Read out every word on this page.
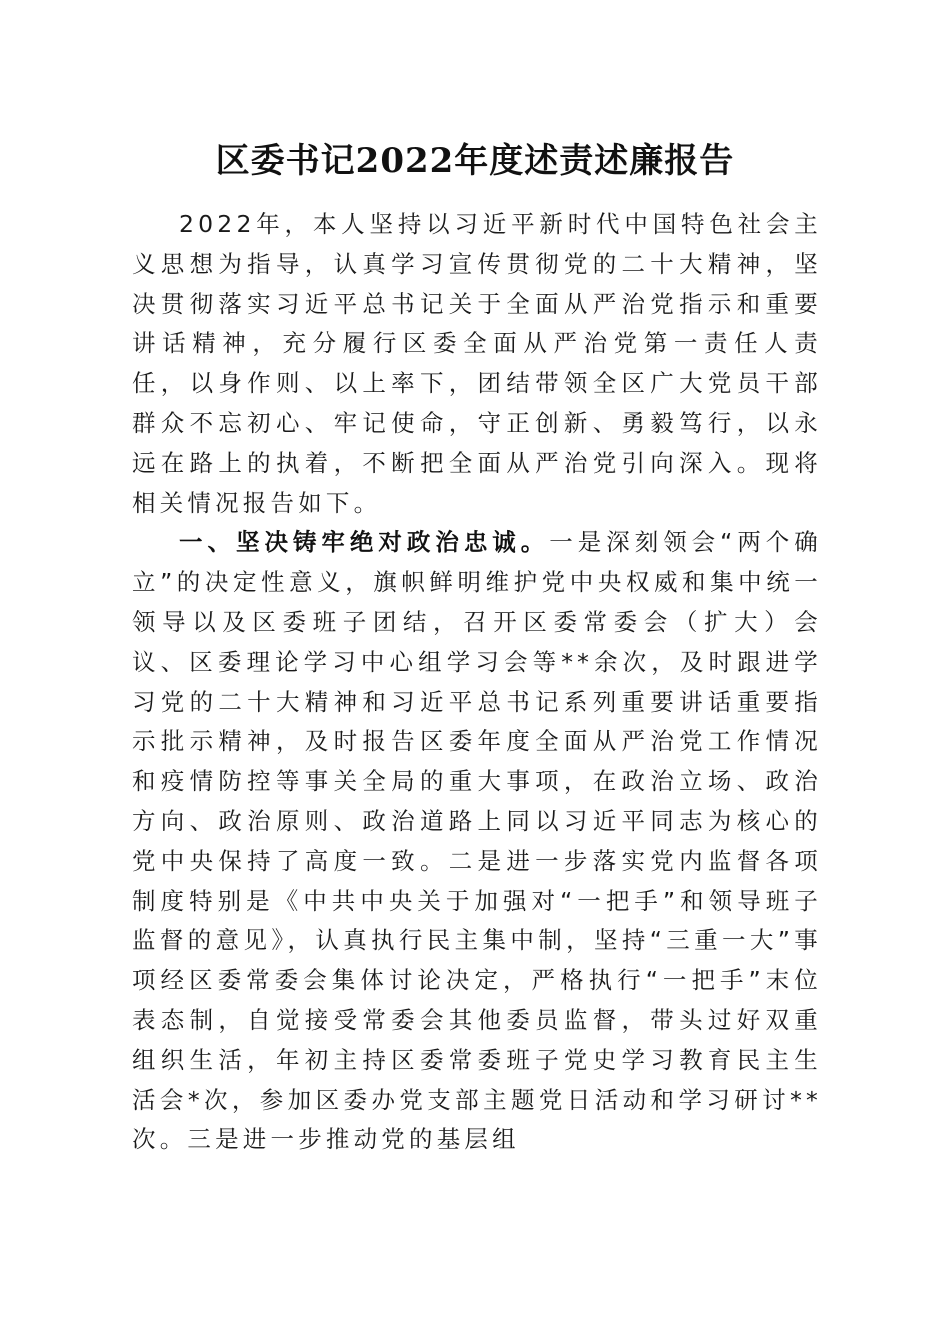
区委书记2022年度述责述廉报告

2022年，本人坚持以习近平新时代中国特色社会主义思想为指导，认真学习宣传贯彻党的二十大精神，坚决贯彻落实习近平总书记关于全面从严治党指示和重要讲话精神，充分履行区委全面从严治党第一责任人责任，以身作则、以上率下，团结带领全区广大党员干部群众不忘初心、牢记使命，守正创新、勇毅笃行，以永远在路上的执着，不断把全面从严治党引向深入。现将相关情况报告如下。

一、坚决铸牢绝对政治忠诚。一是深刻领会“两个确立”的决定性意义，旗帜鲜明维护党中央权威和集中统一领导以及区委班子团结，召开区委常委会（扩大）会议、区委理论学习中心组学习会等**余次，及时跟进学习党的二十大精神和习近平总书记系列重要讲话重要指示批示精神，及时报告区委年度全面从严治党工作情况和疫情防控等事关全局的重大事项，在政治立场、政治方向、政治原则、政治道路上同以习近平同志为核心的党中央保持了高度一致。二是进一步落实党内监督各项制度特别是《中共中央关于加强对“一把手”和领导班子监督的意见》，认真执行民主集中制，坚持“三重一大”事项经区委常委会集体讨论决定，严格执行“一把手”末位表态制，自觉接受常委会其他委员监督，带头过好双重组织生活，年初主持区委常委班子党史学习教育民主生活会*次，参加区委办党支部主题党日活动和学习研讨**次。三是进一步推动党的基层组
